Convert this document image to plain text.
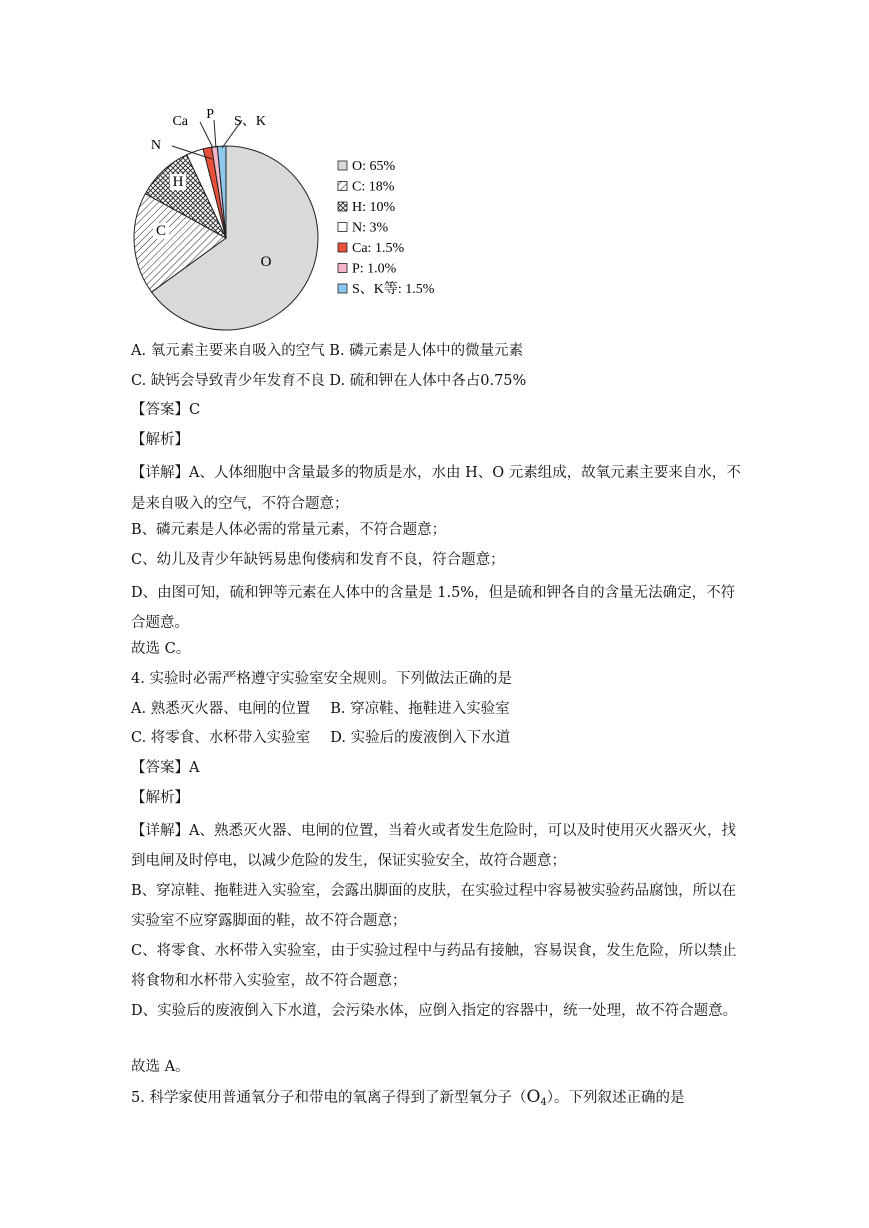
O
C
H
N
Ca P S、K
O: 65%
C: 18%
H: 10%
N: 3%
Ca: 1.5%
P: 1.0%
S、K等: 1.5%
A. 氧元素主要来自吸入的空气 B. 磷元素是人体中的微量元素
C. 缺钙会导致青少年发育不良 D. 硫和钾在人体中各占0.75%
【答案】C
【解析】
【详解】A、人体细胞中含量最多的物质是水，水由 H、O 元素组成，故氧元素主要来自水，不是来自吸入的空气，不符合题意；
B、磷元素是人体必需的常量元素，不符合题意；
C、幼儿及青少年缺钙易患佝偻病和发育不良，符合题意；
D、由图可知，硫和钾等元素在人体中的含量是 1.5%，但是硫和钾各自的含量无法确定，不符合题意。
故选 C。
4. 实验时必需严格遵守实验室安全规则。下列做法正确的是
A. 熟悉灭火器、电闸的位置 B. 穿凉鞋、拖鞋进入实验室
C. 将零食、水杯带入实验室 D. 实验后的废液倒入下水道
【答案】A
【解析】
【详解】A、熟悉灭火器、电闸的位置，当着火或者发生危险时，可以及时使用灭火器灭火，找到电闸及时停电，以减少危险的发生，保证实验安全，故符合题意；
B、穿凉鞋、拖鞋进入实验室，会露出脚面的皮肤，在实验过程中容易被实验药品腐蚀，所以在实验室不应穿露脚面的鞋，故不符合题意；
C、将零食、水杯带入实验室，由于实验过程中与药品有接触，容易误食，发生危险，所以禁止将食物和水杯带入实验室，故不符合题意；
D、实验后的废液倒入下水道，会污染水体，应倒入指定的容器中，统一处理，故不符合题意。
故选 A。
5. 科学家使用普通氧分子和带电的氧离子得到了新型氧分子$(O_4)$。下列叙述正确的是
